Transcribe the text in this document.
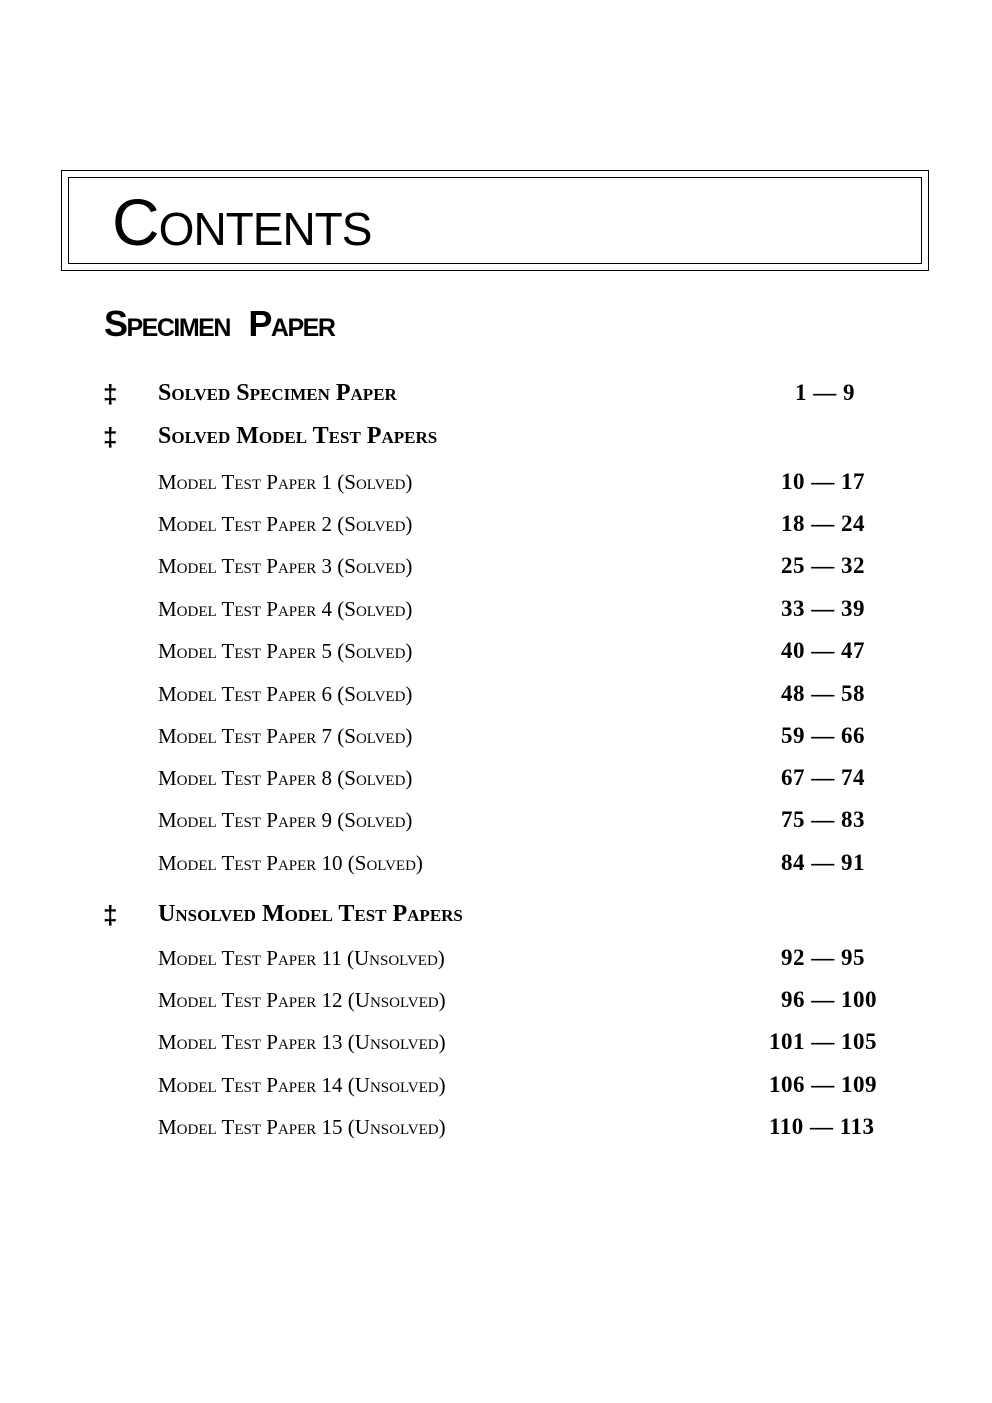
Contents
Specimen Paper
‡ Solved Specimen Paper	1 — 9
‡ Solved Model Test Papers
Model Test Paper 1 (Solved)	10 — 17
Model Test Paper 2 (Solved)	18 — 24
Model Test Paper 3 (Solved)	25 — 32
Model Test Paper 4 (Solved)	33 — 39
Model Test Paper 5 (Solved)	40 — 47
Model Test Paper 6 (Solved)	48 — 58
Model Test Paper 7 (Solved)	59 — 66
Model Test Paper 8 (Solved)	67 — 74
Model Test Paper 9 (Solved)	75 — 83
Model Test Paper 10 (Solved)	84 — 91
‡ Unsolved Model Test Papers
Model Test Paper 11 (Unsolved)	92 — 95
Model Test Paper 12 (Unsolved)	96 — 100
Model Test Paper 13 (Unsolved)	101 — 105
Model Test Paper 14 (Unsolved)	106 — 109
Model Test Paper 15 (Unsolved)	110 — 113
